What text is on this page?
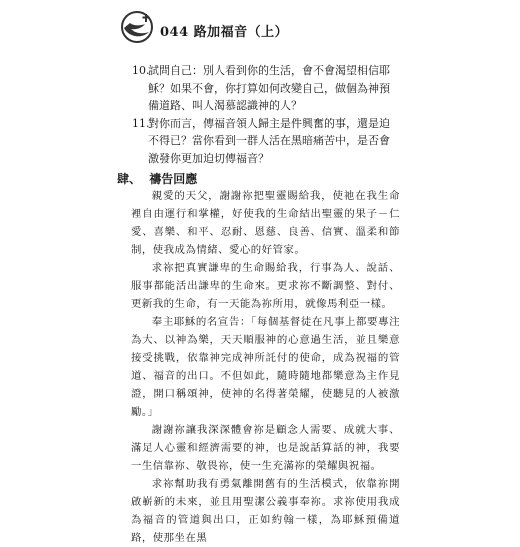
044 路加福音（上）
10.
試問自己：別人看到你的生活，會不會渴望相信耶穌？如果不會，你打算如何改變自己，做個為神預備道路、叫人渴慕認識神的人？
11.
對你而言，傳福音領人歸主是件興奮的事，還是迫不得已？當你看到一群人活在黑暗痛苦中，是否會激發你更加迫切傳福音？
肆、 禱告回應

親愛的天父，謝謝祢把聖靈賜給我，使祂在我生命裡自由運行和掌權，好使我的生命結出聖靈的果子－仁愛、喜樂、和平、忍耐、恩慈、良善、信實、溫柔和節制，使我成為情緒、愛心的好管家。

求祢把真實謙卑的生命賜給我，行事為人、說話、服事都能活出謙卑的生命來。更求祢不斷調整、對付、更新我的生命，有一天能為祢所用，就像馬利亞一樣。

奉主耶穌的名宣告：「每個基督徒在凡事上都要專注為大、以神為樂，天天順服神的心意過生活，並且樂意接受挑戰，依靠神完成神所託付的使命，成為祝福的管道、福音的出口。不但如此，隨時隨地都樂意為主作見證，開口稱頌神，使神的名得著榮耀，使聽見的人被激勵。」

謝謝祢讓我深深體會祢是顧念人需要、成就大事、滿足人心靈和經濟需要的神，也是說話算話的神，我要一生信靠祢、敬畏祢，使一生充滿祢的榮耀與祝福。

求祢幫助我有勇氣離開舊有的生活模式，依靠祢開啟嶄新的未來，並且用聖潔公義事奉祢。求祢使用我成為福音的管道與出口，正如約翰一樣，為耶穌預備道路，使那坐在黑
